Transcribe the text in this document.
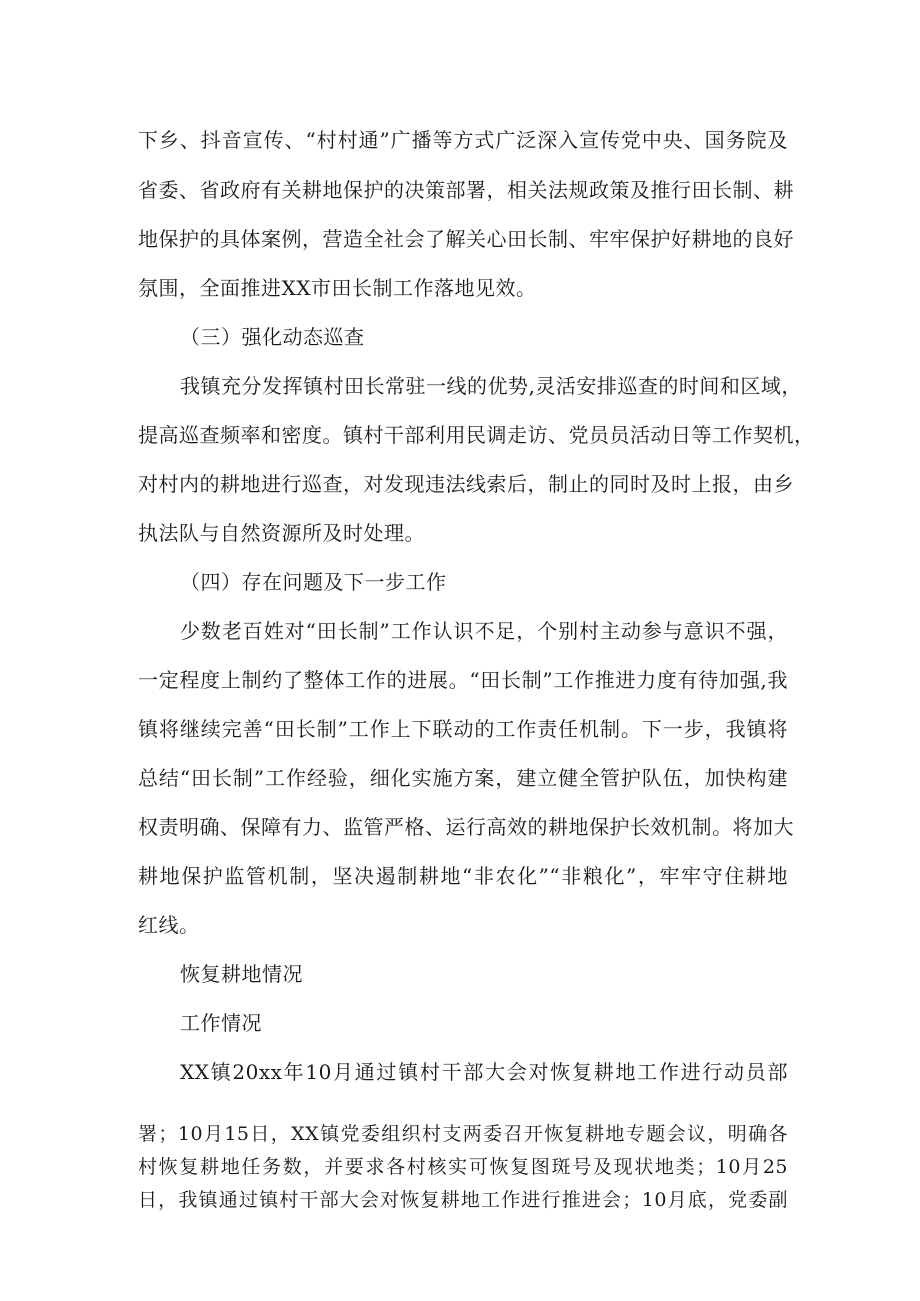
下乡、抖音宣传、“村村通”广播等方式广泛深入宣传党中央、国务院及
省委、省政府有关耕地保护的决策部署，相关法规政策及推行田长制、耕
地保护的具体案例，营造全社会了解关心田长制、牢牢保护好耕地的良好
氛围，全面推进XX市田长制工作落地见效。
（三）强化动态巡查
我镇充分发挥镇村田长常驻一线的优势,灵活安排巡查的时间和区域，
提高巡查频率和密度。镇村干部利用民调走访、党员员活动日等工作契机，
对村内的耕地进行巡查，对发现违法线索后，制止的同时及时上报，由乡
执法队与自然资源所及时处理。
（四）存在问题及下一步工作
少数老百姓对“田长制”工作认识不足，个别村主动参与意识不强，
一定程度上制约了整体工作的进展。“田长制”工作推进力度有待加强,我
镇将继续完善“田长制”工作上下联动的工作责任机制。下一步，我镇将
总结“田长制”工作经验，细化实施方案，建立健全管护队伍，加快构建
权责明确、保障有力、监管严格、运行高效的耕地保护长效机制。将加大
耕地保护监管机制，坚决遏制耕地“非农化”“非粮化”，牢牢守住耕地
红线。
恢复耕地情况
工作情况
XX镇20xx年10月通过镇村干部大会对恢复耕地工作进行动员部
署；10月15日，XX镇党委组织村支两委召开恢复耕地专题会议，明确各
村恢复耕地任务数，并要求各村核实可恢复图斑号及现状地类；10月25
日，我镇通过镇村干部大会对恢复耕地工作进行推进会；10月底，党委副
